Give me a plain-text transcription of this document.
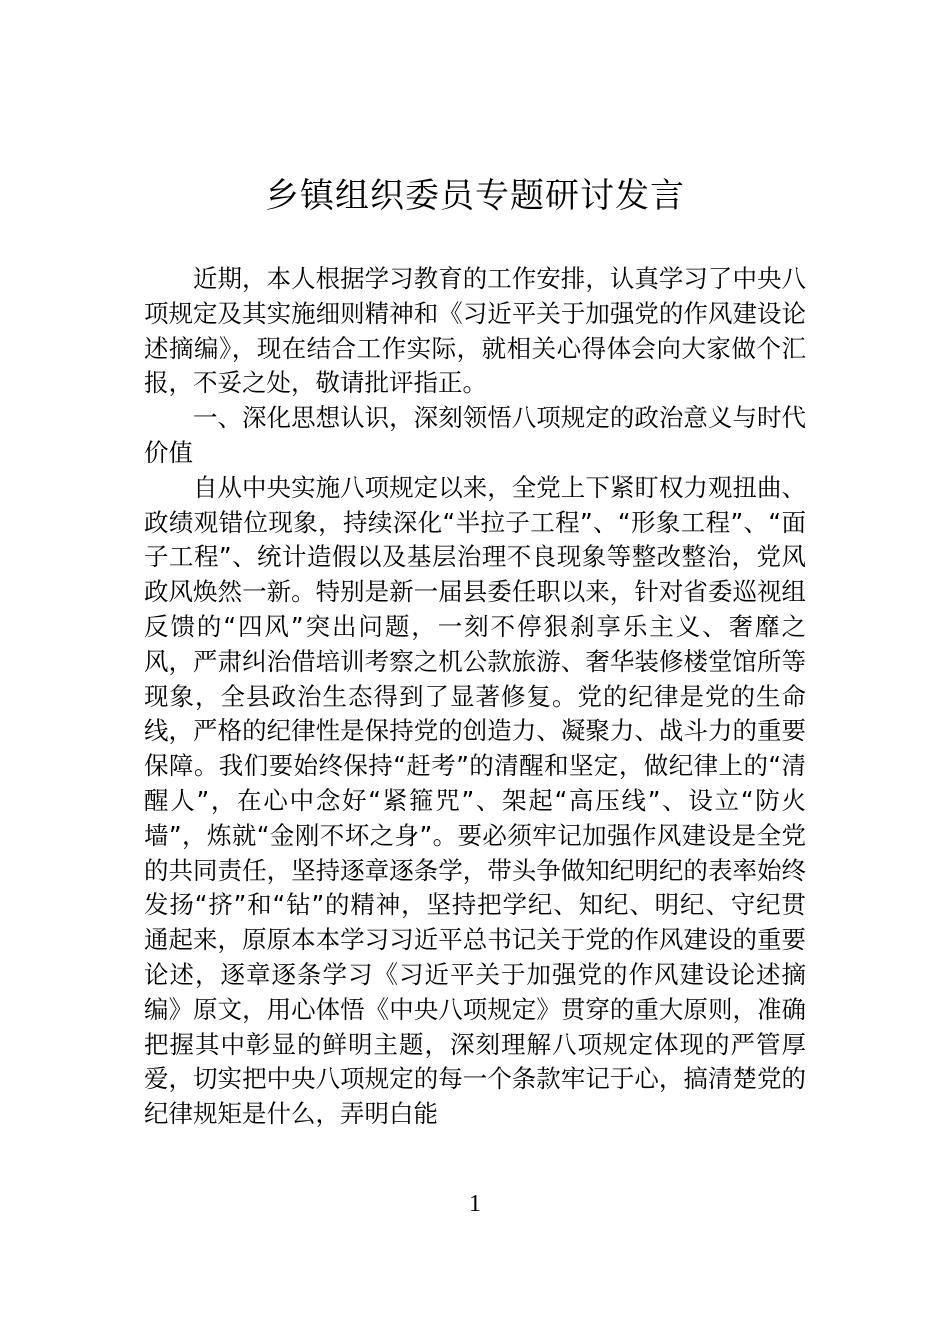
乡镇组织委员专题研讨发言

近期，本人根据学习教育的工作安排，认真学习了中央八项规定及其实施细则精神和《习近平关于加强党的作风建设论述摘编》，现在结合工作实际，就相关心得体会向大家做个汇报，不妥之处，敬请批评指正。

一、深化思想认识，深刻领悟八项规定的政治意义与时代价值

自从中央实施八项规定以来，全党上下紧盯权力观扭曲、政绩观错位现象，持续深化“半拉子工程”、“形象工程”、“面子工程”、统计造假以及基层治理不良现象等整改整治，党风政风焕然一新。特别是新一届县委任职以来，针对省委巡视组反馈的“四风”突出问题，一刻不停狠刹享乐主义、奢靡之风，严肃纠治借培训考察之机公款旅游、奢华装修楼堂馆所等现象，全县政治生态得到了显著修复。党的纪律是党的生命线，严格的纪律性是保持党的创造力、凝聚力、战斗力的重要保障。我们要始终保持“赶考”的清醒和坚定，做纪律上的“清醒人”，在心中念好“紧箍咒”、架起“高压线”、设立“防火墙”，炼就“金刚不坏之身”。要必须牢记加强作风建设是全党的共同责任，坚持逐章逐条学，带头争做知纪明纪的表率始终发扬“挤”和“钻”的精神，坚持把学纪、知纪、明纪、守纪贯通起来，原原本本学习习近平总书记关于党的作风建设的重要论述，逐章逐条学习《习近平关于加强党的作风建设论述摘编》原文，用心体悟《中央八项规定》贯穿的重大原则，准确把握其中彰显的鲜明主题，深刻理解八项规定体现的严管厚爱，切实把中央八项规定的每一个条款牢记于心，搞清楚党的纪律规矩是什么，弄明白能

1
